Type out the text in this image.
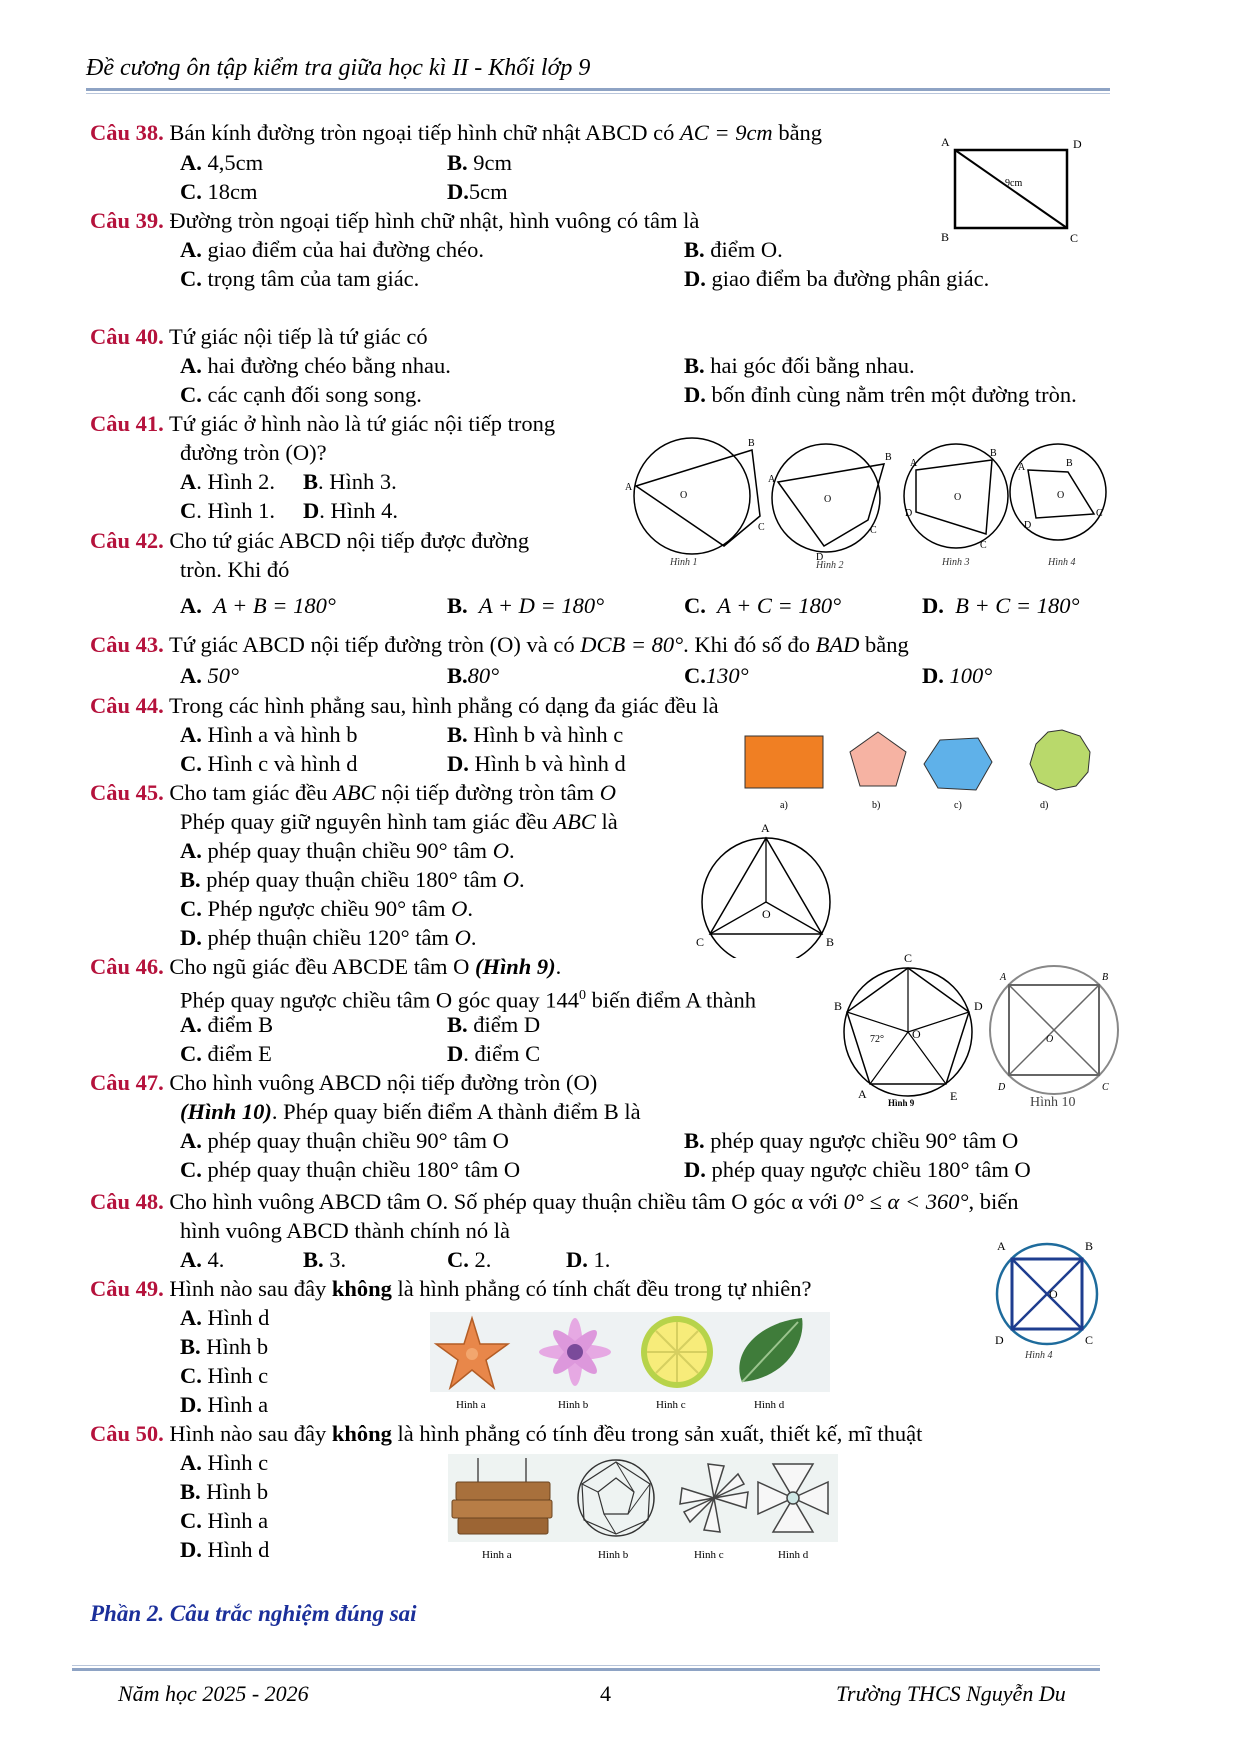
Đề cương ôn tập kiểm tra giữa học kì II - Khối lớp 9
Câu 38. Bán kính đường tròn ngoại tiếp hình chữ nhật ABCD có AC = 9cm bằng
A. 4,5cm	B. 9cm
C. 18cm	D.5cm
A	D
B	C
9cm
Câu 39. Đường tròn ngoại tiếp hình chữ nhật, hình vuông có tâm là
A. giao điểm của hai đường chéo.	B. điểm O.
C. trọng tâm của tam giác.	D. giao điểm ba đường phân giác.
Câu 40. Tứ giác nội tiếp là tứ giác có
A. hai đường chéo bằng nhau.	B. hai góc đối bằng nhau.
C. các cạnh đối song song.	D. bốn đỉnh cùng nằm trên một đường tròn.
Câu 41. Tứ giác ở hình nào là tứ giác nội tiếp trong
đường tròn (O)?
A. Hình 2. B. Hình 3.
C. Hình 1. D. Hình 4.
A
B
C
O
Hình 1
A
B
C
D
O
Hình 2
A
B
C
D
O
Hình 3
A	B
C
D
O
Hình 4
Câu 42. Cho tứ giác ABCD nội tiếp được đường
tròn. Khi đó
A. A + B = 180°	B. A + D = 180°	C. A + C = 180°	D. B + C = 180°
Câu 43. Tứ giác ABCD nội tiếp đường tròn (O) và có DCB = 80°. Khi đó số đo BAD bằng
A. 50°	B.80°	C.130°	D. 100°
Câu 44. Trong các hình phẳng sau, hình phẳng có dạng đa giác đều là
A. Hình a và hình b	B. Hình b và hình c
C. Hình c và hình d	D. Hình b và hình d
a)	b)	c)	d)
Câu 45. Cho tam giác đều ABC nội tiếp đường tròn tâm O
Phép quay giữ nguyên hình tam giác đều ABC là
A. phép quay thuận chiều 90° tâm O.
B. phép quay thuận chiều 180° tâm O.
C. Phép ngược chiều 90° tâm O.
D. phép thuận chiều 120° tâm O.
A
B
C
O
Câu 46. Cho ngũ giác đều ABCDE tâm O (Hình 9).
Phép quay ngược chiều tâm O góc quay $144^0$ biến điểm A thành
A. điểm B	B. điểm D
C. điểm E	D. điểm C
C
D
E
A
B
O
72°
Hình 9
A	B
C
D
O
Hình 10
Câu 47. Cho hình vuông ABCD nội tiếp đường tròn (O)
(Hình 10). Phép quay biến điểm A thành điểm B là
A. phép quay thuận chiều 90° tâm O	B. phép quay ngược chiều 90° tâm O
C. phép quay thuận chiều 180° tâm O	D. phép quay ngược chiều 180° tâm O
Câu 48. Cho hình vuông ABCD tâm O. Số phép quay thuận chiều tâm O góc α với 0° ≤ α < 360°, biến
hình vuông ABCD thành chính nó là
A. 4.	B. 3.	C. 2.	D. 1.
A	B
C
D
O
Hình 4
Câu 49. Hình nào sau đây không là hình phẳng có tính chất đều trong tự nhiên?
A. Hình d
B. Hình b
C. Hình c
D. Hình a	Hình a	Hình b	Hình c	Hình d
Câu 50. Hình nào sau đây không là hình phẳng có tính đều trong sản xuất, thiết kế, mĩ thuật
A. Hình c
B. Hình b
C. Hình a
D. Hình d	Hình a	Hình b	Hình c	Hình d
Phần 2. Câu trắc nghiệm đúng sai
Năm học 2025 - 2026	4	Trường THCS Nguyễn Du
